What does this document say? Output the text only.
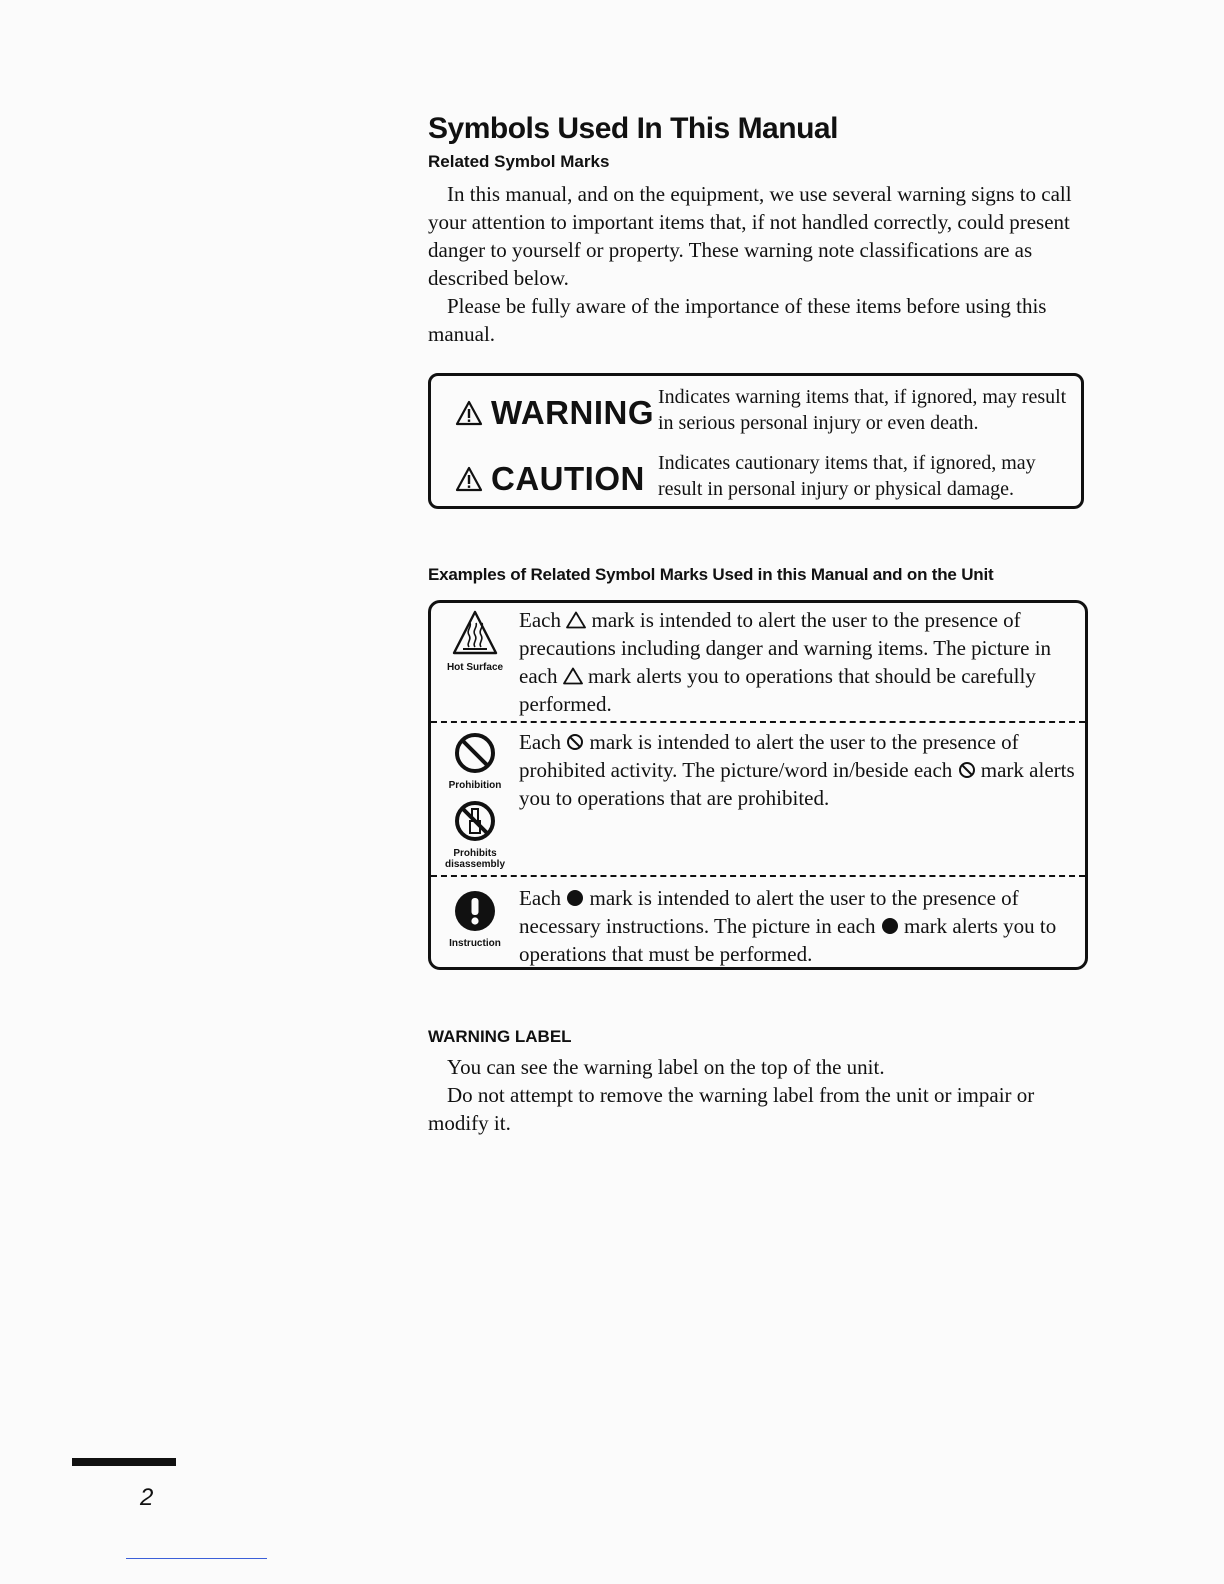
Symbols Used In This Manual
Related Symbol Marks

In this manual, and on the equipment, we use several warning signs to call your attention to important items that, if not handled correctly, could present danger to yourself or property. These warning note classifications are as described below.

Please be fully aware of the importance of these items before using this manual.

WARNING Indicates warning items that, if ignored, may result in serious personal injury or even death.
CAUTION Indicates cautionary items that, if ignored, may result in personal injury or physical damage.
Examples of Related Symbol Marks Used in this Manual and on the Unit
Hot Surface

Each  mark is intended to alert the user to the presence of precautions including danger and warning items. The picture in each  mark alerts you to operations that should be carefully performed.

Prohibition
Prohibits disassembly

Each  mark is intended to alert the user to the presence of prohibited activity. The picture/word in/beside each  mark alerts you to operations that are prohibited.

Instruction

Each  mark is intended to alert the user to the presence of necessary instructions. The picture in each  mark alerts you to operations that must be performed.

WARNING LABEL

You can see the warning label on the top of the unit.

Do not attempt to remove the warning label from the unit or impair or modify it.

2
